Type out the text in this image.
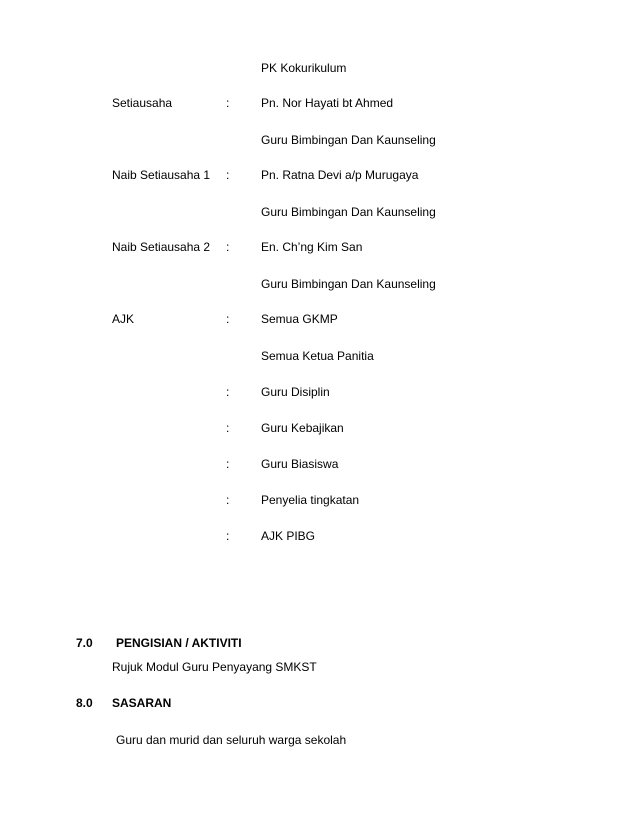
PK Kokurikulum
Setiausaha	:	Pn. Nor Hayati bt Ahmed
Guru Bimbingan Dan Kaunseling
Naib Setiausaha 1 :	Pn. Ratna Devi a/p Murugaya
Guru Bimbingan Dan Kaunseling
Naib Setiausaha 2 :	En. Ch’ng Kim San
Guru Bimbingan Dan Kaunseling
AJK	:	Semua GKMP
Semua Ketua Panitia
:	Guru Disiplin
:	Guru Kebajikan
:	Guru Biasiswa
:	Penyelia tingkatan
:	AJK PIBG
7.0 PENGISIAN / AKTIVITI
Rujuk Modul Guru Penyayang SMKST
8.0 SASARAN
Guru dan murid dan seluruh warga sekolah
